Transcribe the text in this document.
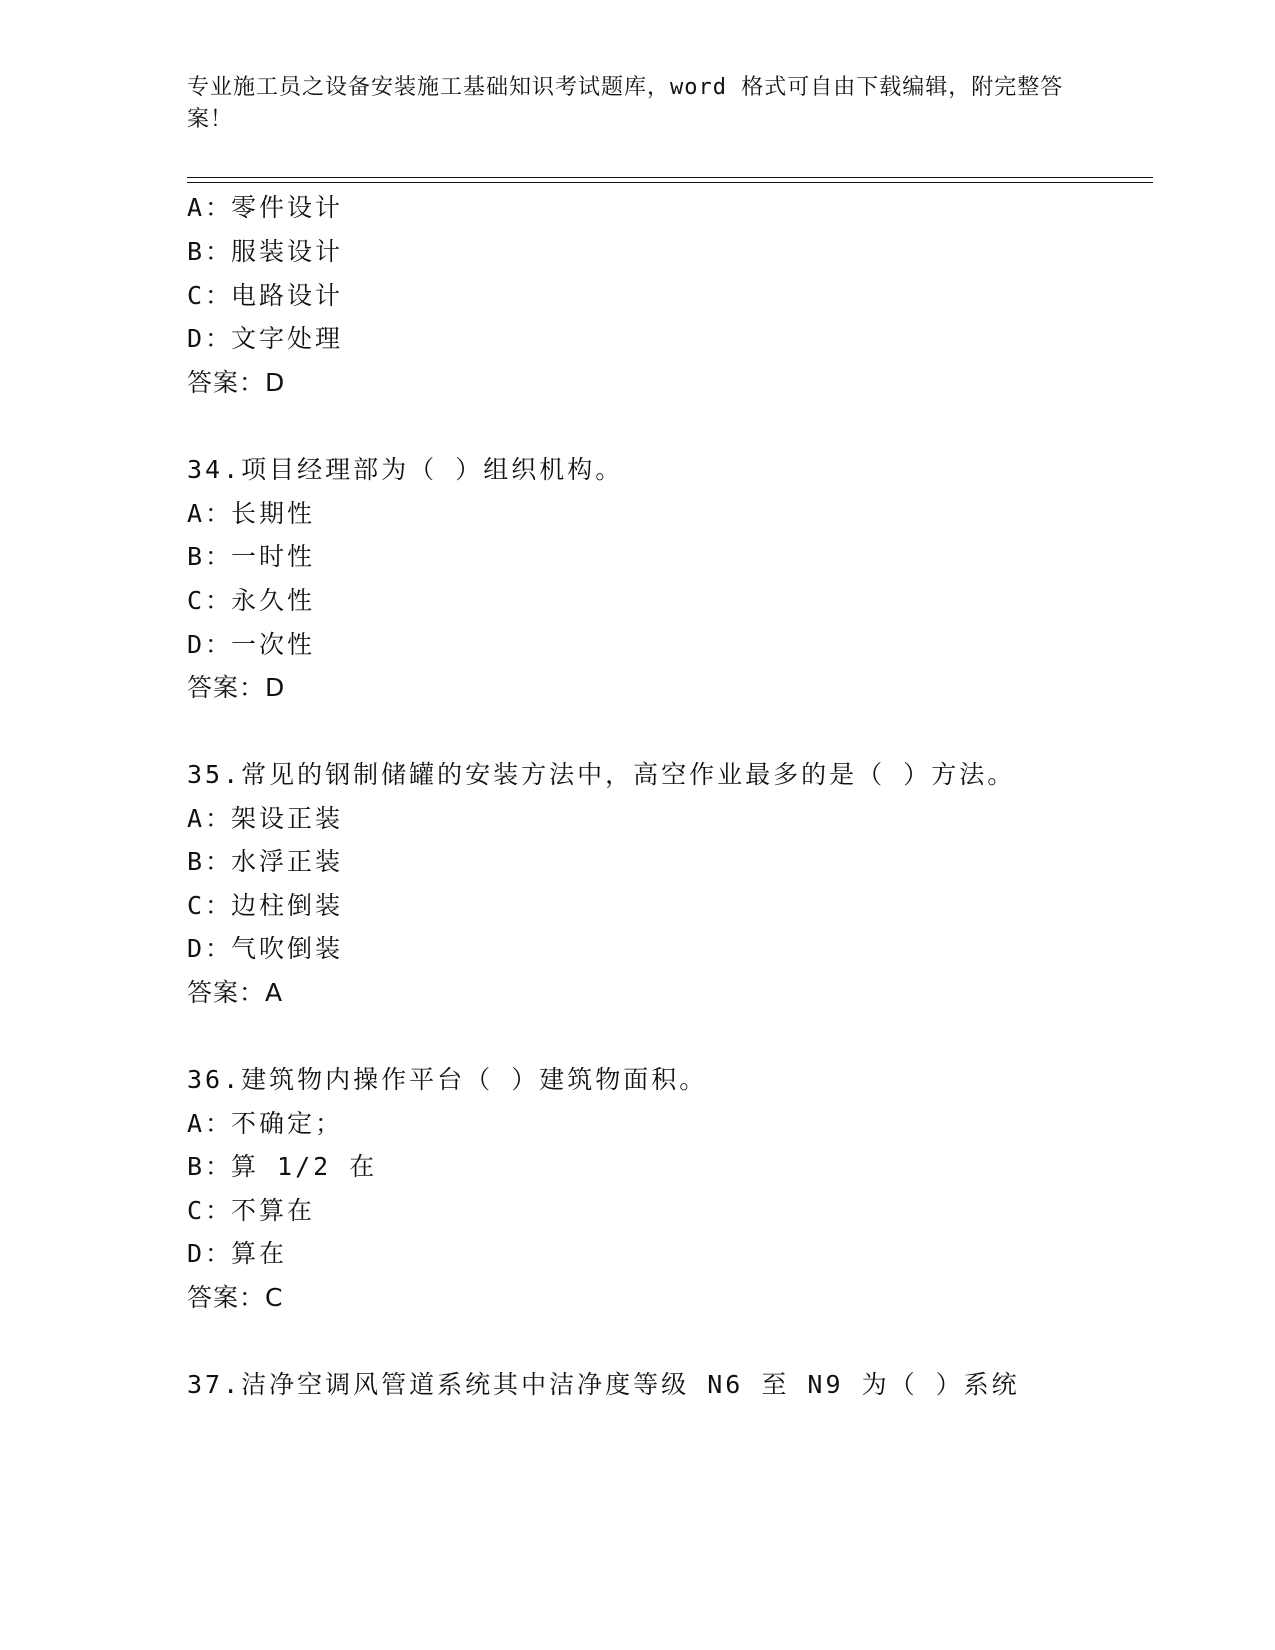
专业施工员之设备安装施工基础知识考试题库，word 格式可自由下载编辑，附完整答案！
A：零件设计
B：服装设计
C：电路设计
D：文字处理
答案：D
34.项目经理部为（ ）组织机构。
A：长期性
B：一时性
C：永久性
D：一次性
答案：D
35.常见的钢制储罐的安装方法中，高空作业最多的是（ ）方法。
A：架设正装
B：水浮正装
C：边柱倒装
D：气吹倒装
答案：A
36.建筑物内操作平台（ ）建筑物面积。
A：不确定；
B：算 1/2 在
C：不算在
D：算在
答案：C
37.洁净空调风管道系统其中洁净度等级 N6 至 N9 为（ ）系统
